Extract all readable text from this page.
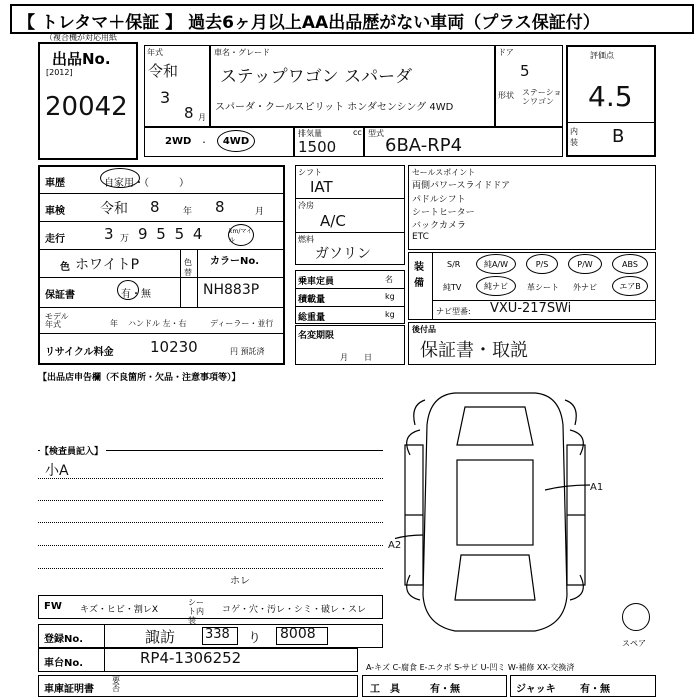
【 トレタマ＋保証 】 過去6ヶ月以上AA出品歴がない車両（プラス保証付）
（複合機が対応用紙
出品No.
[2012]
20042
年式
令和
3
8 月
車名・グレード
ステップワゴン スパーダ
スパーダ・クールスピリット ホンダセンシング 4WD
ドア
5
形状 ステーションワゴン
評価点
4.5
内装 B
2WD ・ 4WD
排気量	cc
1500
型式
6BA-RP4
車歴	自家用・（　　　）
車検	令和 8	年 8	月
走行	3 万 9 5 5 4	km/マイル
色 ホワイトP	色替
カラーNo.
NH883P
保証書	有・無
モデル年式	年 ハンドル 左・右	ディーラー・並行
リサイクル料金 10230	円 預託済
シフト
IAT
冷房
A/C
燃料
ガソリン
乗車定員	名
積載量	kg
総重量	kg
名変期限
月　　日
セールスポイント
両側パワースライドドア
パドルシフト
シートヒーター
バックカメラ
ETC
装備
S/R	純A/W	P/S	P/W	ABS
純TV	純ナビ 革シート 外ナビ	エアB
ナビ型番: VXU-217SWi
後付品
保証書・取説
【出品店申告欄（不良箇所・欠品・注意事項等）】
【検査員記入】
小A
A1
A2
スペア
ホレ
FW キズ・ヒビ・割レX
シート内装
コゲ・穴・汚レ・シミ・破レ・スレ
登録No.	諏訪 338 り 8008
車台No.	RP4-1306252
A-キズ C-腐食 E-エクボ S-サビ U-凹ミ W-補修 XX-交換済
車庫証明書
要否	工　具	有・無	ジャッキ 有・無
